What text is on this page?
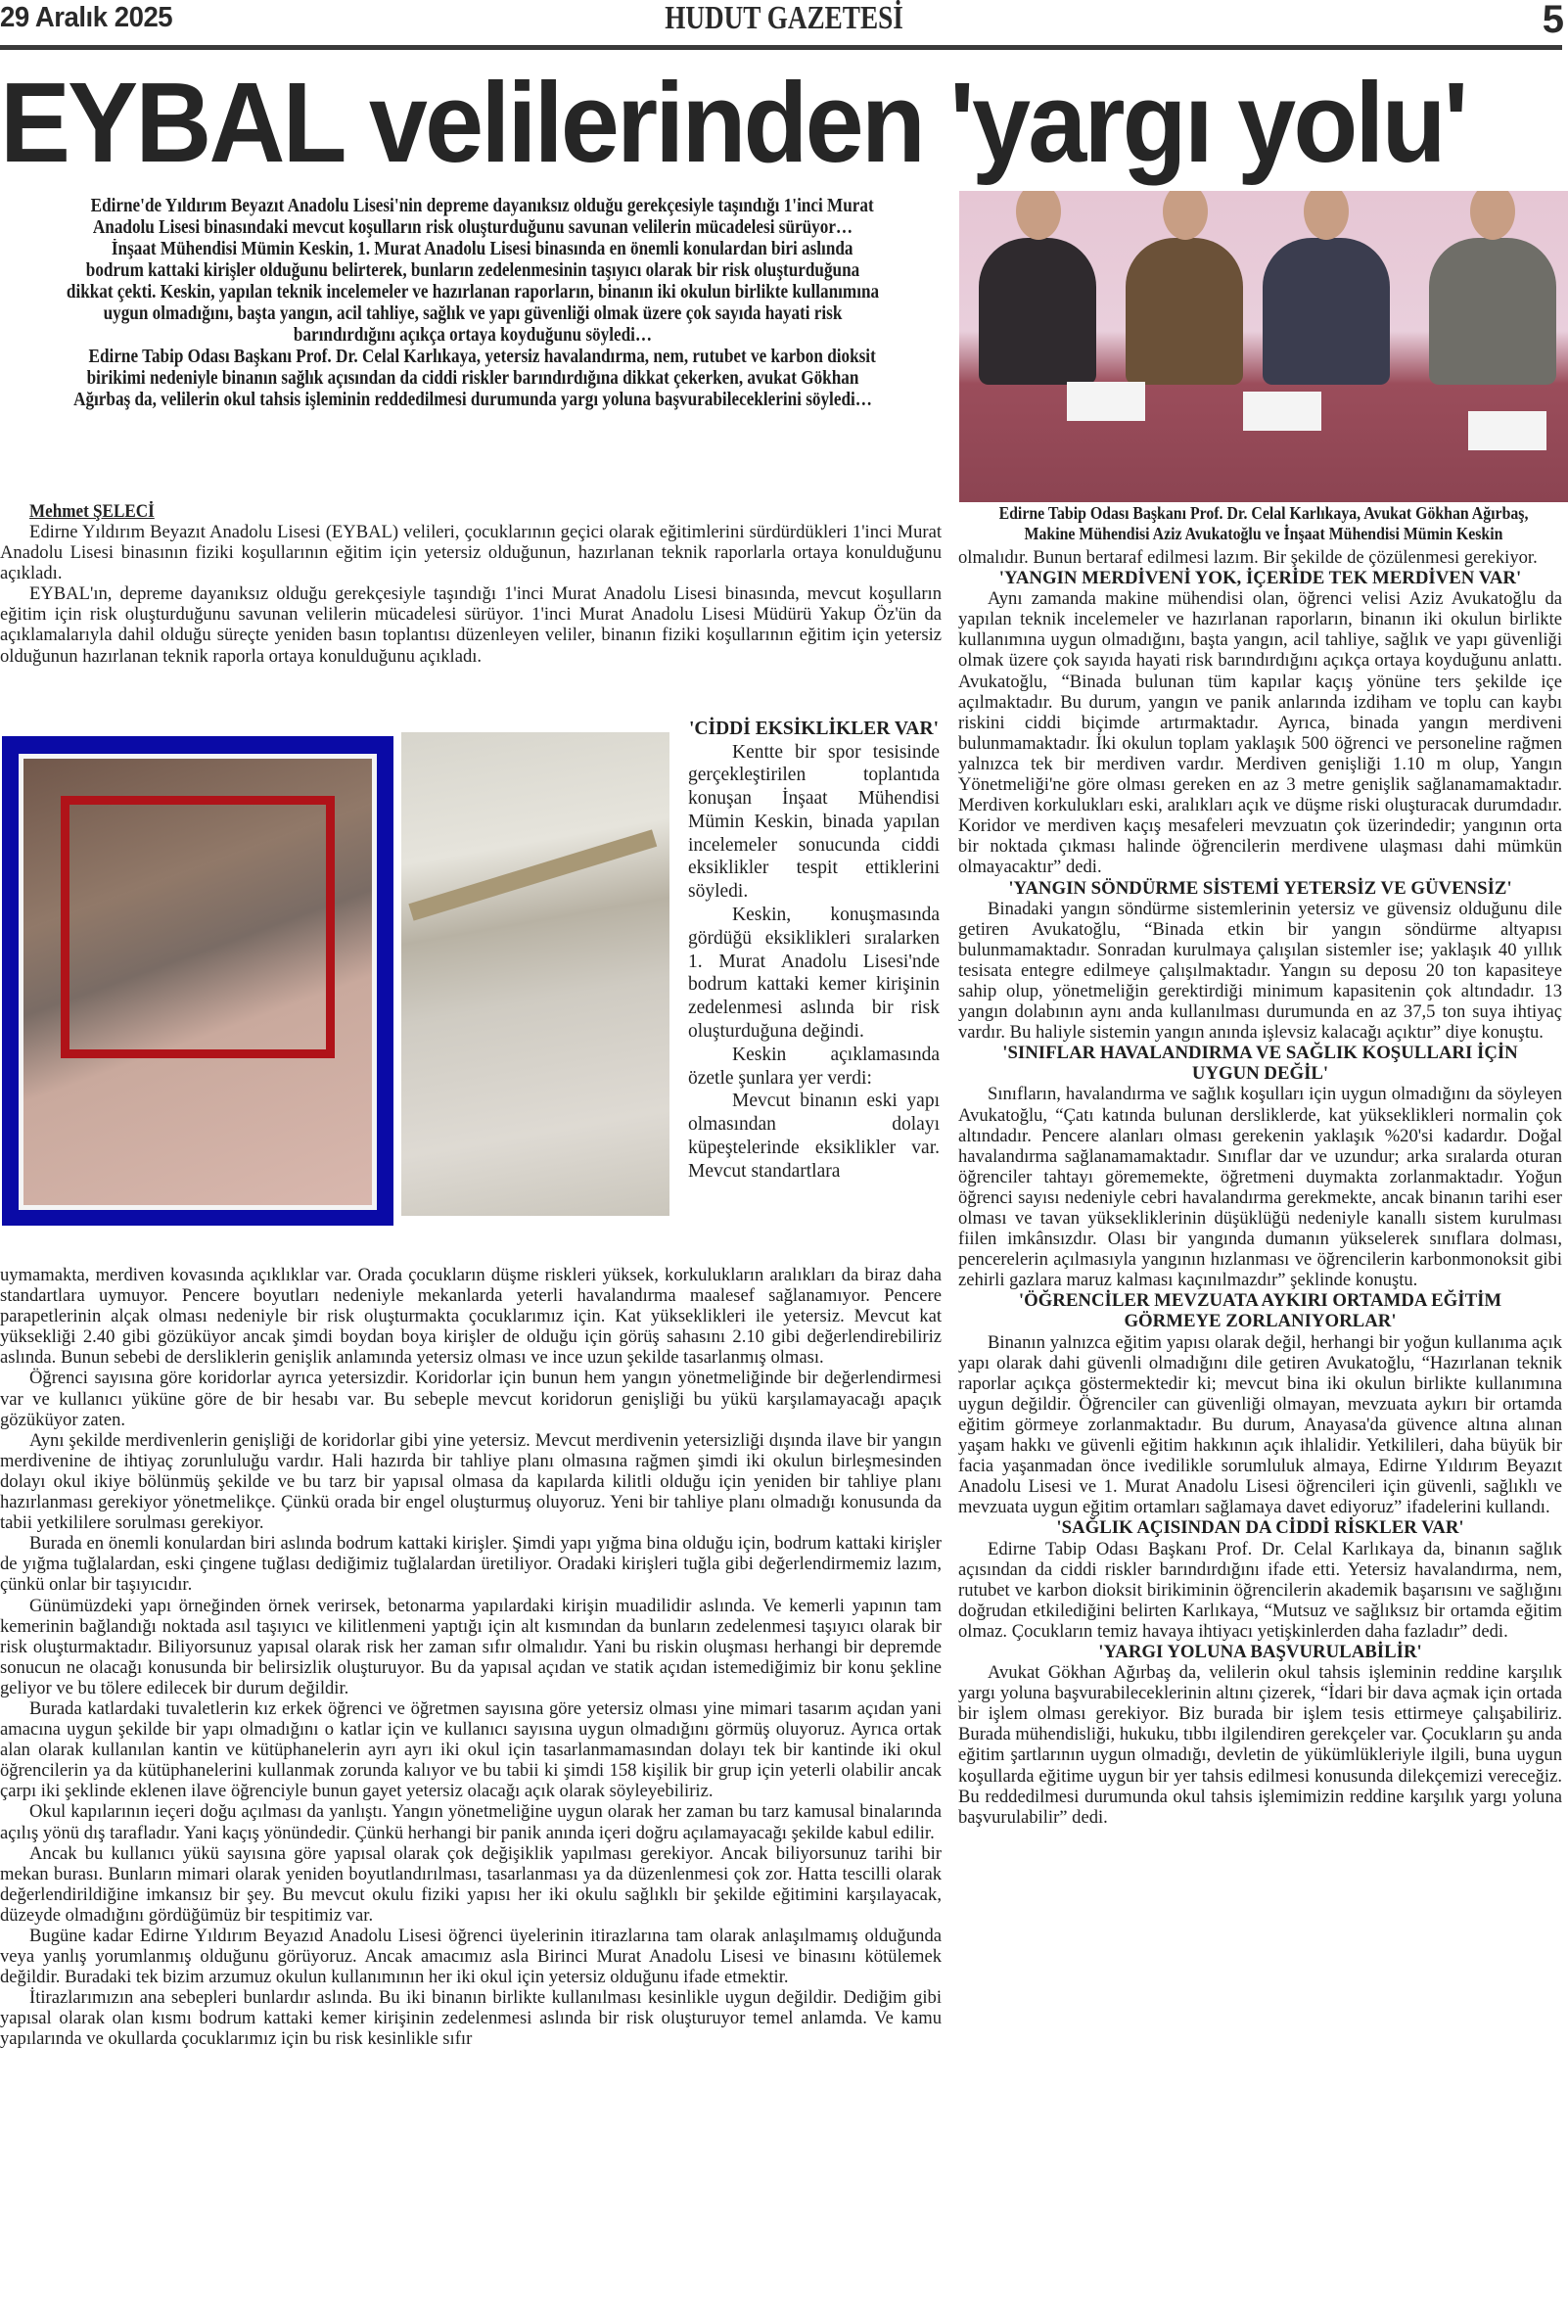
29 Aralık 2025	HUDUT GAZETESİ	5
EYBAL velilerinden 'yargı yolu'

Edirne'de Yıldırım Beyazıt Anadolu Lisesi'nin depreme dayanıksız olduğu gerekçesiyle taşındığı 1'inci Murat Anadolu Lisesi binasındaki mevcut koşulların risk oluşturduğunu savunan velilerin mücadelesi sürüyor…

İnşaat Mühendisi Mümin Keskin, 1. Murat Anadolu Lisesi binasında en önemli konulardan biri aslında bodrum kattaki kirişler olduğunu belirterek, bunların zedelenmesinin taşıyıcı olarak bir risk oluşturduğuna dikkat çekti. Keskin, yapılan teknik incelemeler ve hazırlanan raporların, binanın iki okulun birlikte kullanımına uygun olmadığını, başta yangın, acil tahliye, sağlık ve yapı güvenliği olmak üzere çok sayıda hayati risk barındırdığını açıkça ortaya koyduğunu söyledi…

Edirne Tabip Odası Başkanı Prof. Dr. Celal Karlıkaya, yetersiz havalandırma, nem, rutubet ve karbon dioksit birikimi nedeniyle binanın sağlık açısından da ciddi riskler barındırdığına dikkat çekerken, avukat Gökhan Ağırbaş da, velilerin okul tahsis işleminin reddedilmesi durumunda yargı yoluna başvurabileceklerini söyledi…

Mehmet ŞELECİ

Edirne Yıldırım Beyazıt Anadolu Lisesi (EYBAL) velileri, çocuklarının geçici olarak eğitimlerini sürdürdükleri 1'inci Murat Anadolu Lisesi binasının fiziki koşullarının eğitim için yetersiz olduğunun, hazırlanan teknik raporlarla ortaya konulduğunu açıkladı.

EYBAL'ın, depreme dayanıksız olduğu gerekçesiyle taşındığı 1'inci Murat Anadolu Lisesi binasında, mevcut koşulların eğitim için risk oluşturduğunu savunan velilerin mücadelesi sürüyor. 1'inci Murat Anadolu Lisesi Müdürü Yakup Öz'ün da açıklamalarıyla dahil olduğu süreçte yeniden basın toplantısı düzenleyen veliler, binanın fiziki koşullarının eğitim için yetersiz olduğunun hazırlanan teknik raporla ortaya konulduğunu açıkladı.

'CİDDİ EKSİKLİKLER VAR'

Kentte bir spor tesisinde gerçekleştirilen toplantıda konuşan İnşaat Mühendisi Mümin Keskin, binada yapılan incelemeler sonucunda ciddi eksiklikler tespit ettiklerini söyledi.

Keskin, konuşmasında gördüğü eksiklikleri sıralarken 1. Murat Anadolu Lisesi'nde bodrum kattaki kemer kirişinin zedelenmesi aslında bir risk oluşturduğuna değindi.

Keskin açıklamasında özetle şunlara yer verdi:

Mevcut binanın eski yapı olmasından dolayı küpeştelerinde eksiklikler var. Mevcut standartlara

uymamakta, merdiven kovasında açıklıklar var. Orada çocukların düşme riskleri yüksek, korkulukların aralıkları da biraz daha standartlara uymuyor. Pencere boyutları nedeniyle mekanlarda yeterli havalandırma maalesef sağlanamıyor. Pencere parapetlerinin alçak olması nedeniyle bir risk oluşturmakta çocuklarımız için. Kat yükseklikleri ile yetersiz. Mevcut kat yüksekliği 2.40 gibi gözüküyor ancak şimdi boydan boya kirişler de olduğu için görüş sahasını 2.10 gibi değerlendirebiliriz aslında. Bunun sebebi de dersliklerin genişlik anlamında yetersiz olması ve ince uzun şekilde tasarlanmış olması.

Öğrenci sayısına göre koridorlar ayrıca yetersizdir. Koridorlar için bunun hem yangın yönetmeliğinde bir değerlendirmesi var ve kullanıcı yüküne göre de bir hesabı var. Bu sebeple mevcut koridorun genişliği bu yükü karşılamayacağı apaçık gözüküyor zaten.

Aynı şekilde merdivenlerin genişliği de koridorlar gibi yine yetersiz. Mevcut merdivenin yetersizliği dışında ilave bir yangın merdivenine de ihtiyaç zorunluluğu vardır. Hali hazırda bir tahliye planı olmasına rağmen şimdi iki okulun birleşmesinden dolayı okul ikiye bölünmüş şekilde ve bu tarz bir yapısal olmasa da kapılarda kilitli olduğu için yeniden bir tahliye planı hazırlanması gerekiyor yönetmelikçe. Çünkü orada bir engel oluşturmuş oluyoruz. Yeni bir tahliye planı olmadığı konusunda da tabii yetkililere sorulması gerekiyor.

Burada en önemli konulardan biri aslında bodrum kattaki kirişler. Şimdi yapı yığma bina olduğu için, bodrum kattaki kirişler de yığma tuğlalardan, eski çingene tuğlası dediğimiz tuğlalardan üretiliyor. Oradaki kirişleri tuğla gibi değerlendirmemiz lazım, çünkü onlar bir taşıyıcıdır.

Günümüzdeki yapı örneğinden örnek verirsek, betonarma yapılardaki kirişin muadilidir aslında. Ve kemerli yapının tam kemerinin bağlandığı noktada asıl taşıyıcı ve kilitlenmeni yaptığı için alt kısmından da bunların zedelenmesi taşıyıcı olarak bir risk oluşturmaktadır. Biliyorsunuz yapısal olarak risk her zaman sıfır olmalıdır. Yani bu riskin oluşması herhangi bir depremde sonucun ne olacağı konusunda bir belirsizlik oluşturuyor. Bu da yapısal açıdan ve statik açıdan istemediğimiz bir konu şekline geliyor ve bu tölere edilecek bir durum değildir.

Burada katlardaki tuvaletlerin kız erkek öğrenci ve öğretmen sayısına göre yetersiz olması yine mimari tasarım açıdan yani amacına uygun şekilde bir yapı olmadığını o katlar için ve kullanıcı sayısına uygun olmadığını görmüş oluyoruz. Ayrıca ortak alan olarak kullanılan kantin ve kütüphanelerin ayrı ayrı iki okul için tasarlanmamasından dolayı tek bir kantinde iki okul öğrencilerin ya da kütüphanelerini kullanmak zorunda kalıyor ve bu tabii ki şimdi 158 kişilik bir grup için yeterli olabilir ancak çarpı iki şeklinde eklenen ilave öğrenciyle bunun gayet yetersiz olacağı açık olarak söyleyebiliriz.

Okul kapılarının ieçeri doğu açılması da yanlıştı. Yangın yönetmeliğine uygun olarak her zaman bu tarz kamusal binalarında açılış yönü dış tarafladır. Yani kaçış yönündedir. Çünkü herhangi bir panik anında içeri doğru açılamayacağı şekilde kabul edilir.

Ancak bu kullanıcı yükü sayısına göre yapısal olarak çok değişiklik yapılması gerekiyor. Ancak biliyorsunuz tarihi bir mekan burası. Bunların mimari olarak yeniden boyutlandırılması, tasarlanması ya da düzenlenmesi çok zor. Hatta tescilli olarak değerlendirildiğine imkansız bir şey. Bu mevcut okulu fiziki yapısı her iki okulu sağlıklı bir şekilde eğitimini karşılayacak, düzeyde olmadığını gördüğümüz bir tespitimiz var.

Bugüne kadar Edirne Yıldırım Beyazıd Anadolu Lisesi öğrenci üyelerinin itirazlarına tam olarak anlaşılmamış olduğunda veya yanlış yorumlanmış olduğunu görüyoruz. Ancak amacımız asla Birinci Murat Anadolu Lisesi ve binasını kötülemek değildir. Buradaki tek bizim arzumuz okulun kullanımının her iki okul için yetersiz olduğunu ifade etmektir.

İtirazlarımızın ana sebepleri bunlardır aslında. Bu iki binanın birlikte kullanılması kesinlikle uygun değildir. Dediğim gibi yapısal olarak olan kısmı bodrum kattaki kemer kirişinin zedelenmesi aslında bir risk oluşturuyor temel anlamda. Ve kamu yapılarında ve okullarda çocuklarımız için bu risk kesinlikle sıfır

Edirne Tabip Odası Başkanı Prof. Dr. Celal Karlıkaya, Avukat Gökhan Ağırbaş,
Makine Mühendisi Aziz Avukatoğlu ve İnşaat Mühendisi Mümin Keskin

olmalıdır. Bunun bertaraf edilmesi lazım. Bir şekilde de çözülenmesi gerekiyor.

'YANGIN MERDİVENİ YOK, İÇERİDE TEK MERDİVEN VAR'

Aynı zamanda makine mühendisi olan, öğrenci velisi Aziz Avukatoğlu da yapılan teknik incelemeler ve hazırlanan raporların, binanın iki okulun birlikte kullanımına uygun olmadığını, başta yangın, acil tahliye, sağlık ve yapı güvenliği olmak üzere çok sayıda hayati risk barındırdığını açıkça ortaya koyduğunu anlattı. Avukatoğlu, “Binada bulunan tüm kapılar kaçış yönüne ters şekilde içe açılmaktadır. Bu durum, yangın ve panik anlarında izdiham ve toplu can kaybı riskini ciddi biçimde artırmaktadır. Ayrıca, binada yangın merdiveni bulunmamaktadır. İki okulun toplam yaklaşık 500 öğrenci ve personeline rağmen yalnızca tek bir merdiven vardır. Merdiven genişliği 1.10 m olup, Yangın Yönetmeliği'ne göre olması gereken en az 3 metre genişlik sağlanamamaktadır. Merdiven korkulukları eski, aralıkları açık ve düşme riski oluşturacak durumdadır. Koridor ve merdiven kaçış mesafeleri mevzuatın çok üzerindedir; yangının orta bir noktada çıkması halinde öğrencilerin merdivene ulaşması dahi mümkün olmayacaktır” dedi.

'YANGIN SÖNDÜRME SİSTEMİ YETERSİZ VE GÜVENSİZ'

Binadaki yangın söndürme sistemlerinin yetersiz ve güvensiz olduğunu dile getiren Avukatoğlu, “Binada etkin bir yangın söndürme altyapısı bulunmamaktadır. Sonradan kurulmaya çalışılan sistemler ise; yaklaşık 40 yıllık tesisata entegre edilmeye çalışılmaktadır. Yangın su deposu 20 ton kapasiteye sahip olup, yönetmeliğin gerektirdiği minimum kapasitenin çok altındadır. 13 yangın dolabının aynı anda kullanılması durumunda en az 37,5 ton suya ihtiyaç vardır. Bu haliyle sistemin yangın anında işlevsiz kalacağı açıktır” diye konuştu.

'SINIFLAR HAVALANDIRMA VE SAĞLIK KOŞULLARI İÇİN UYGUN DEĞİL'

Sınıfların, havalandırma ve sağlık koşulları için uygun olmadığını da söyleyen Avukatoğlu, “Çatı katında bulunan dersliklerde, kat yükseklikleri normalin çok altındadır. Pencere alanları olması gerekenin yaklaşık %20'si kadardır. Doğal havalandırma sağlanamamaktadır. Sınıflar dar ve uzundur; arka sıralarda oturan öğrenciler tahtayı görememekte, öğretmeni duymakta zorlanmaktadır. Yoğun öğrenci sayısı nedeniyle cebri havalandırma gerekmekte, ancak binanın tarihi eser olması ve tavan yüksekliklerinin düşüklüğü nedeniyle kanallı sistem kurulması fiilen imkânsızdır. Olası bir yangında dumanın yükselerek sınıflara dolması, pencerelerin açılmasıyla yangının hızlanması ve öğrencilerin karbonmonoksit gibi zehirli gazlara maruz kalması kaçınılmazdır” şeklinde konuştu.

'ÖĞRENCİLER MEVZUATA AYKIRI ORTAMDA EĞİTİM GÖRMEYE ZORLANIYORLAR'

Binanın yalnızca eğitim yapısı olarak değil, herhangi bir yoğun kullanıma açık yapı olarak dahi güvenli olmadığını dile getiren Avukatoğlu, “Hazırlanan teknik raporlar açıkça göstermektedir ki; mevcut bina iki okulun birlikte kullanımına uygun değildir. Öğrenciler can güvenliği olmayan, mevzuata aykırı bir ortamda eğitim görmeye zorlanmaktadır. Bu durum, Anayasa'da güvence altına alınan yaşam hakkı ve güvenli eğitim hakkının açık ihlalidir. Yetkilileri, daha büyük bir facia yaşanmadan önce ivedilikle sorumluluk almaya, Edirne Yıldırım Beyazıt Anadolu Lisesi ve 1. Murat Anadolu Lisesi öğrencileri için güvenli, sağlıklı ve mevzuata uygun eğitim ortamları sağlamaya davet ediyoruz” ifadelerini kullandı.

'SAĞLIK AÇISINDAN DA CİDDİ RİSKLER VAR'

Edirne Tabip Odası Başkanı Prof. Dr. Celal Karlıkaya da, binanın sağlık açısından da ciddi riskler barındırdığını ifade etti. Yetersiz havalandırma, nem, rutubet ve karbon dioksit birikiminin öğrencilerin akademik başarısını ve sağlığını doğrudan etkilediğini belirten Karlıkaya, “Mutsuz ve sağlıksız bir ortamda eğitim olmaz. Çocukların temiz havaya ihtiyacı yetişkinlerden daha fazladır” dedi.

'YARGI YOLUNA BAŞVURULABİLİR'

Avukat Gökhan Ağırbaş da, velilerin okul tahsis işleminin reddine karşılık yargı yoluna başvurabileceklerinin altını çizerek, “İdari bir dava açmak için ortada bir işlem olması gerekiyor. Biz burada bir işlem tesis ettirmeye çalışabiliriz. Burada mühendisliği, hukuku, tıbbı ilgilendiren gerekçeler var. Çocukların şu anda eğitim şartlarının uygun olmadığı, devletin de yükümlükleriyle ilgili, buna uygun koşullarda eğitime uygun bir yer tahsis edilmesi konusunda dilekçemizi vereceğiz. Bu reddedilmesi durumunda okul tahsis işlemimizin reddine karşılık yargı yoluna başvurulabilir” dedi.
